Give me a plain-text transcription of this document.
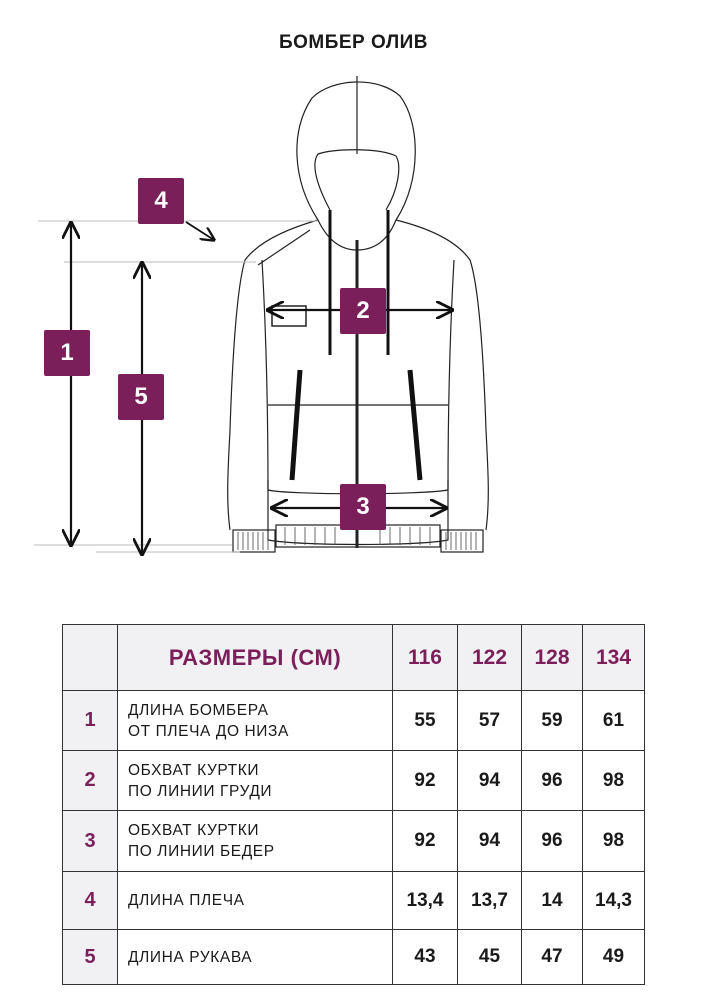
БОМБЕР ОЛИВ
4
1
5
2
3
	РАЗМЕРЫ (СМ)	116	122	128	134
1	ДЛИНА БОМБЕРА
ОТ ПЛЕЧА ДО НИЗА	55	57	59	61
2	ОБХВАТ КУРТКИ
ПО ЛИНИИ ГРУДИ	92	94	96	98
3	ОБХВАТ КУРТКИ
ПО ЛИНИИ БЕДЕР	92	94	96	98
4	ДЛИНА ПЛЕЧА	13,4	13,7	14	14,3
5	ДЛИНА РУКАВА	43	45	47	49
